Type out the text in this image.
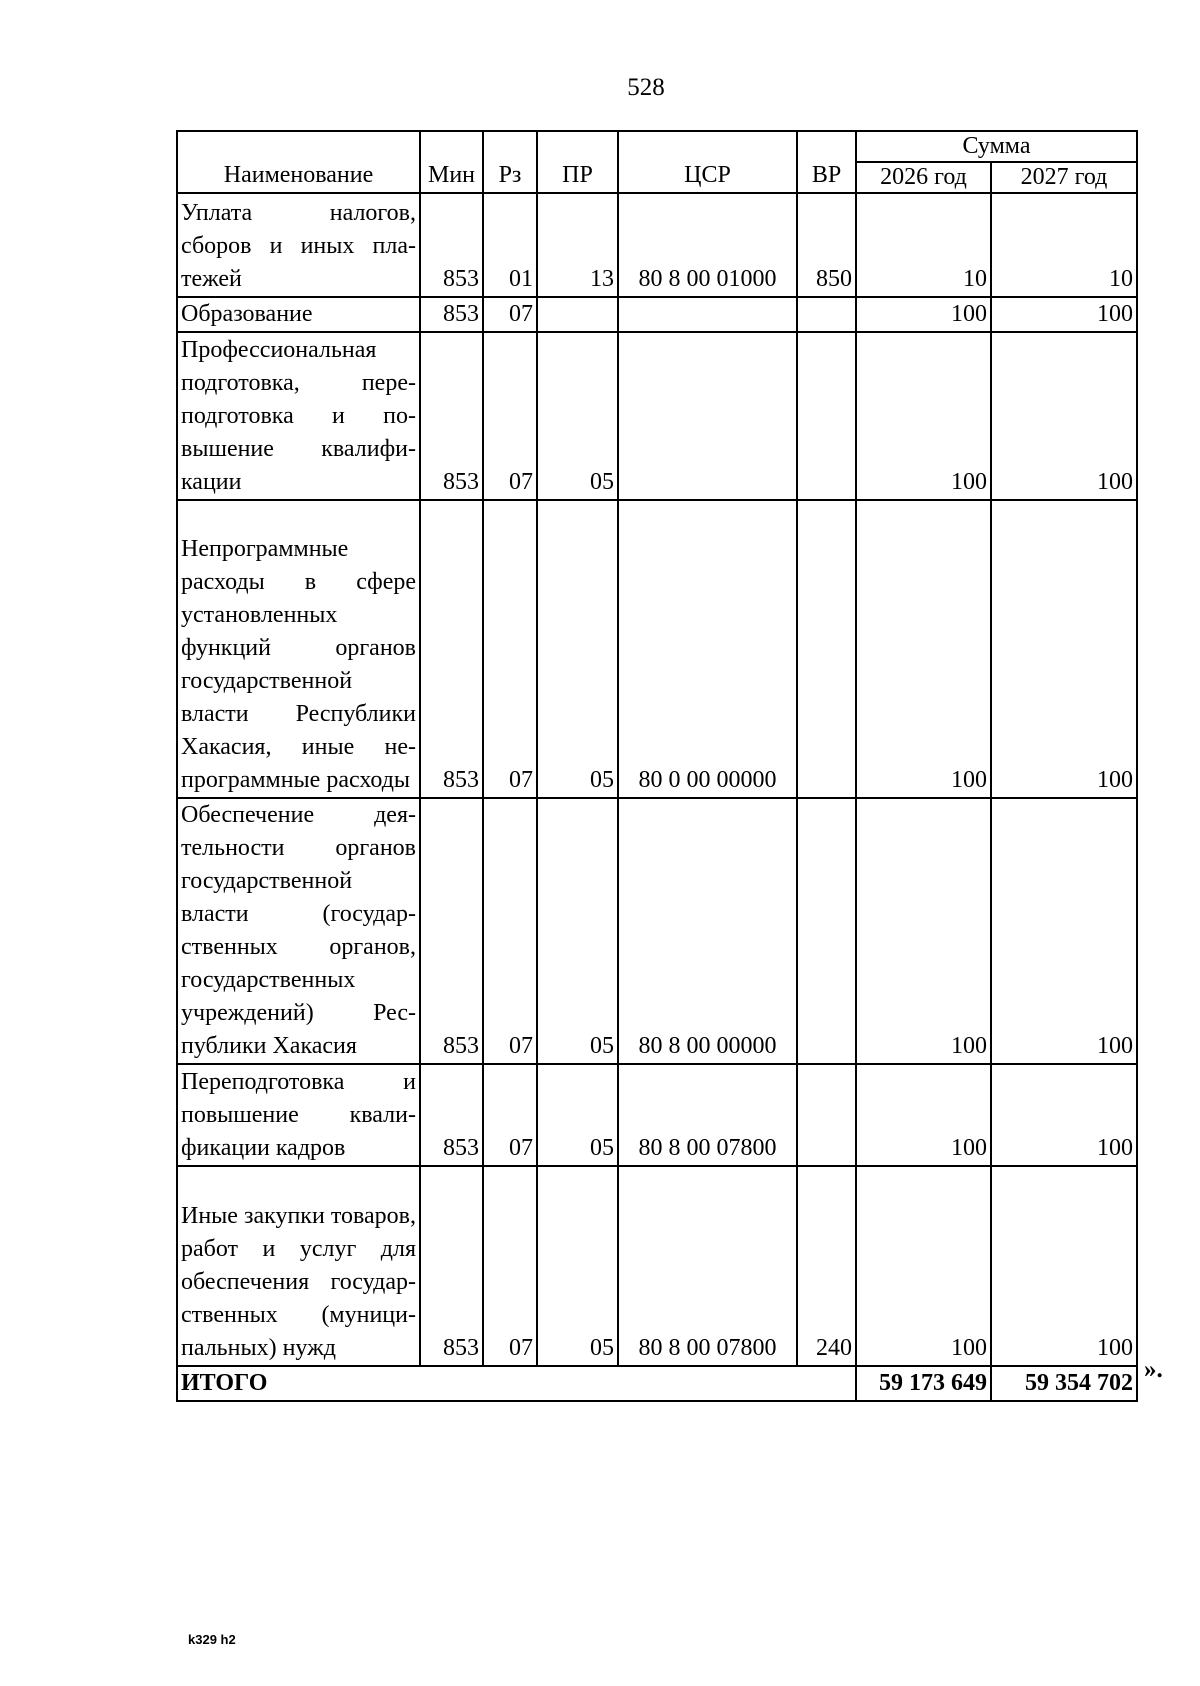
528
Наименование	Мин	Рз	ПР	ЦСР	ВР	Сумма	
						2026 год	2027 год
Уплата налогов, сборов и иных платежей	853	01	13	80 8 00 01000	850	10	10
Образование	853	07				100	100
Профессиональная подготовка, переподготовка и повышение квалификации	853	07	05			100	100
Непрограммные расходы в сфере установленных функций органов государственной власти Республики Хакасия, иные непрограммные расходы	853	07	05	80 0 00 00000		100	100
Обеспечение деятельности органов государственной власти (государственных органов, государственных учреждений) Республики Хакасия	853	07	05	80 8 00 00000		100	100
Переподготовка и повышение квалификации кадров	853	07	05	80 8 00 07800		100	100
Иные закупки товаров, работ и услуг для обеспечения государственных (муниципальных) нужд	853	07	05	80 8 00 07800	240	100	100
ИТОГО						59 173 649	59 354 702 ».
k329 h2
